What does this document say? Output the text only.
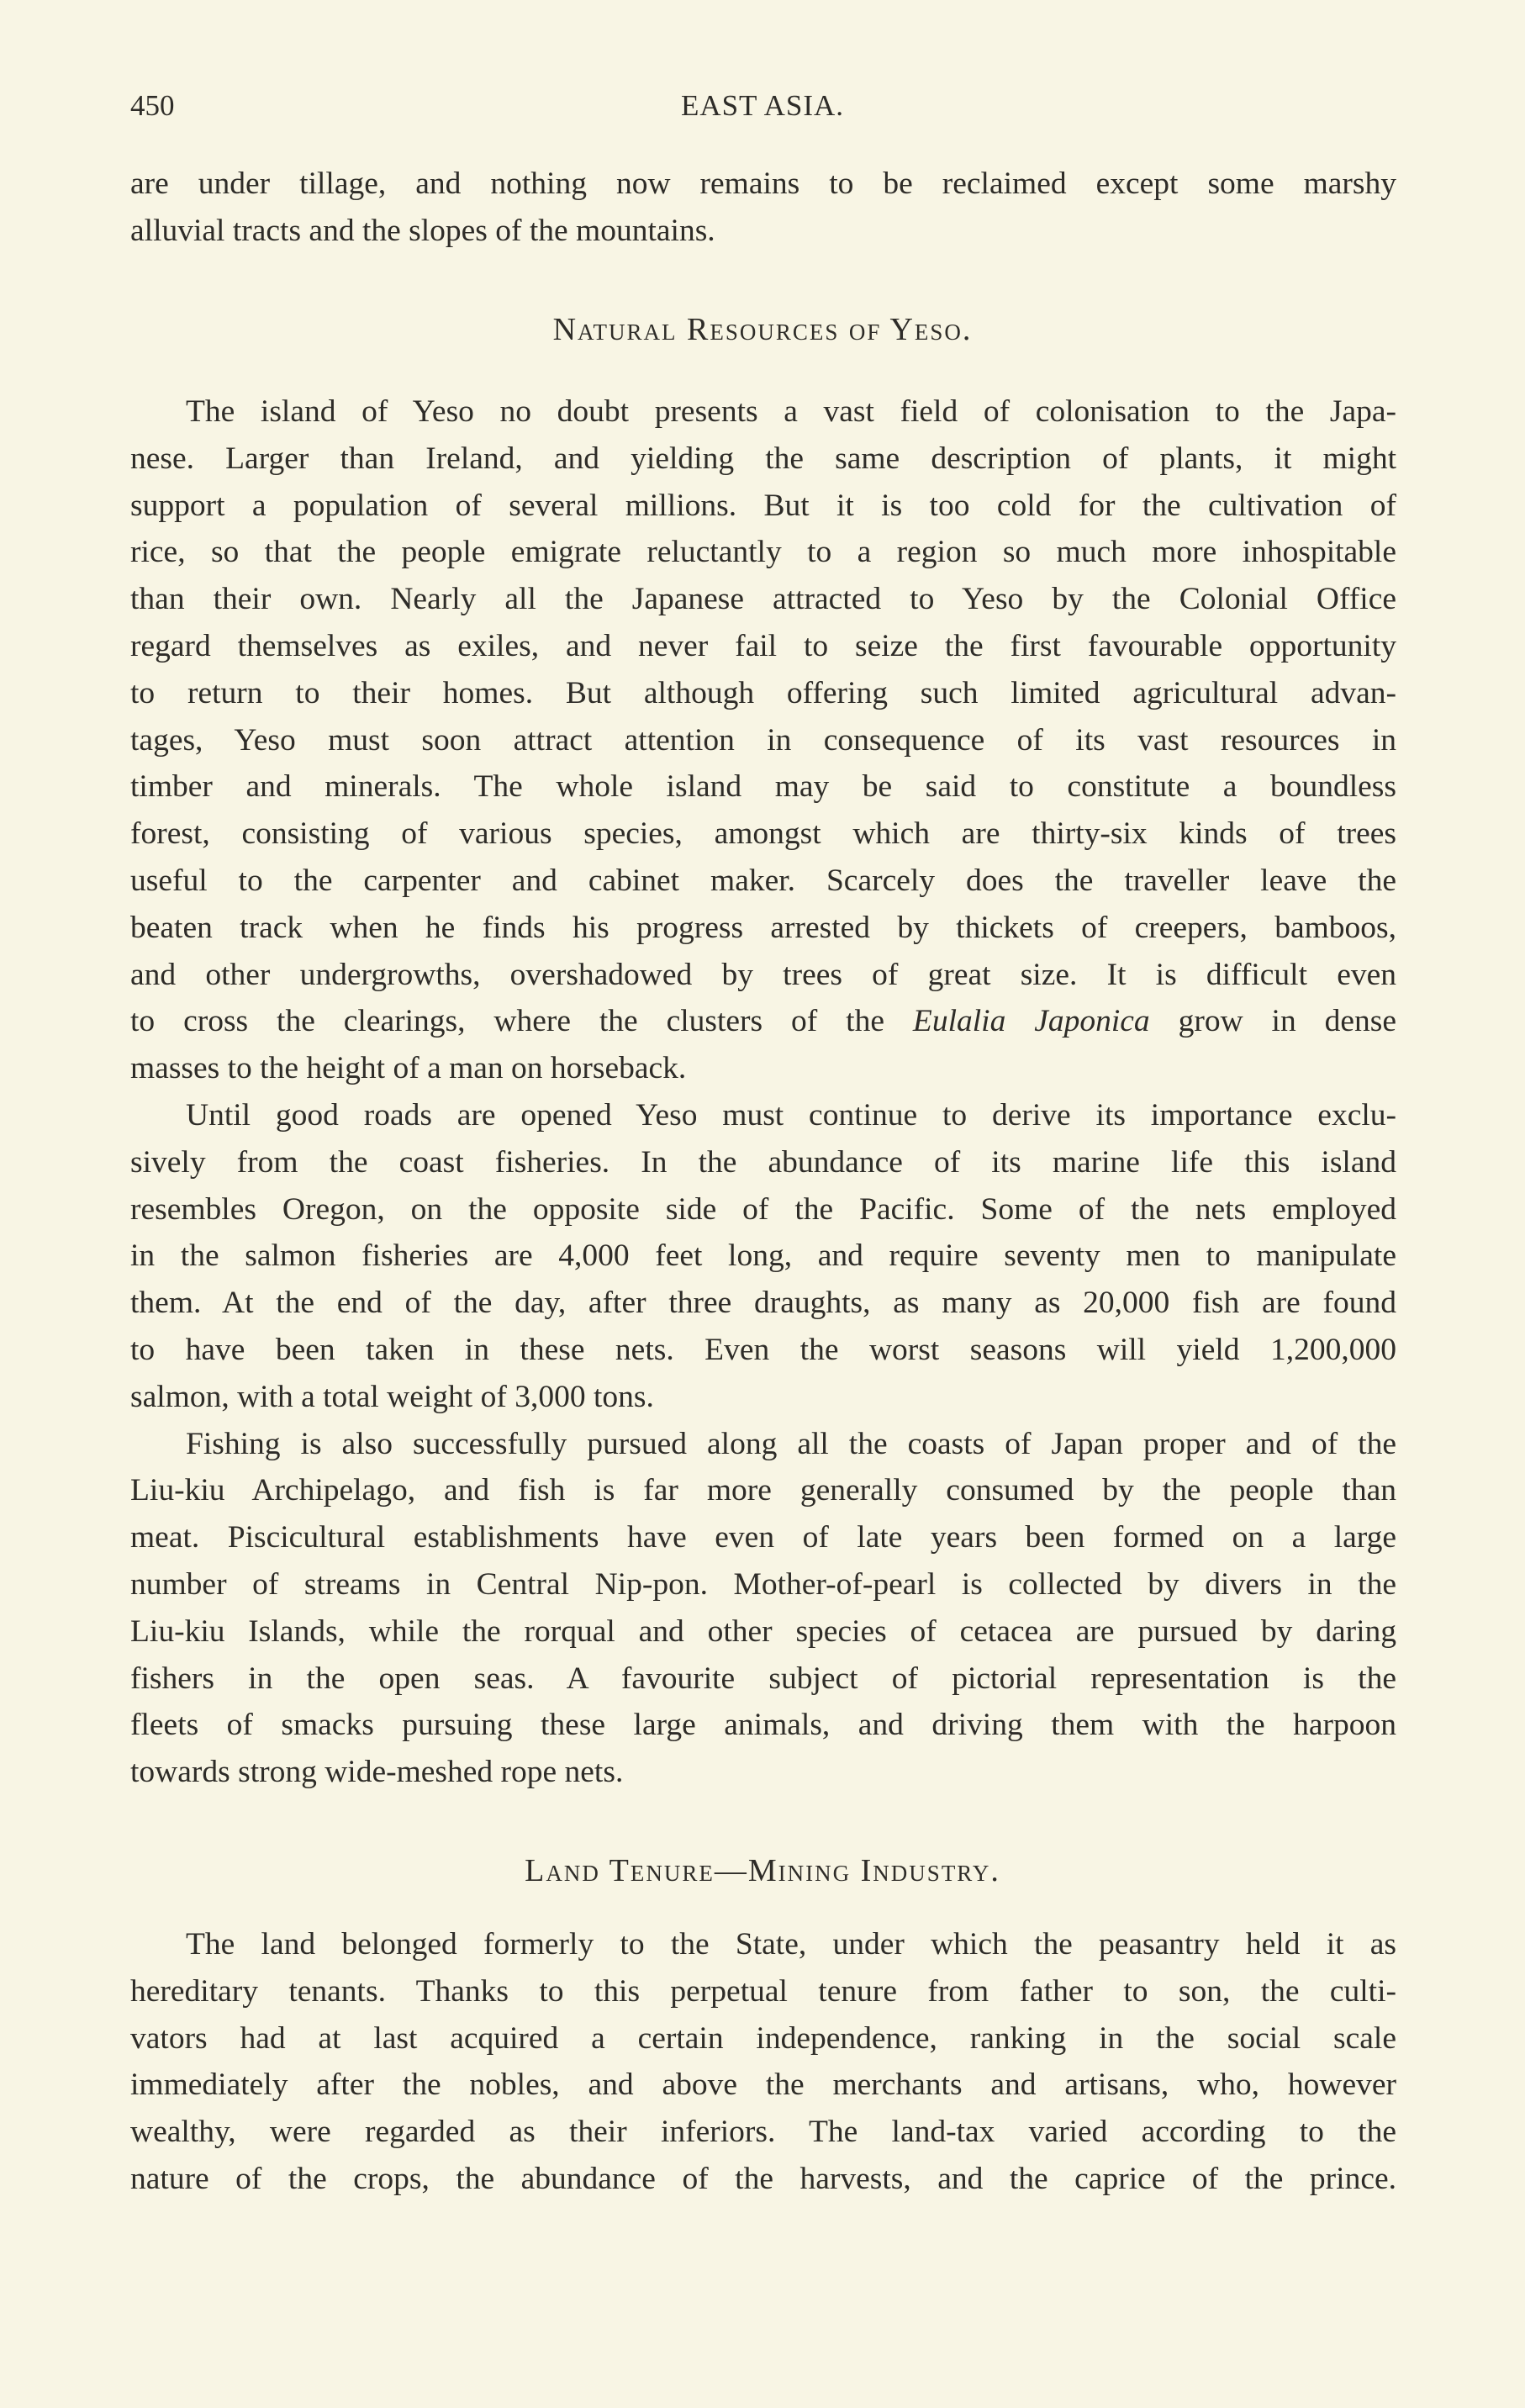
450	EAST ASIA.
are under tillage, and nothing now remains to be reclaimed except some marshy
alluvial tracts and the slopes of the mountains.
Natural Resources of Yeso.
The island of Yeso no doubt presents a vast field of colonisation to the Japa-
nese. Larger than Ireland, and yielding the same description of plants, it might
support a population of several millions. But it is too cold for the cultivation of
rice, so that the people emigrate reluctantly to a region so much more inhospitable
than their own. Nearly all the Japanese attracted to Yeso by the Colonial Office
regard themselves as exiles, and never fail to seize the first favourable opportunity
to return to their homes. But although offering such limited agricultural advan-
tages, Yeso must soon attract attention in consequence of its vast resources in
timber and minerals. The whole island may be said to constitute a boundless
forest, consisting of various species, amongst which are thirty-six kinds of trees
useful to the carpenter and cabinet maker. Scarcely does the traveller leave the
beaten track when he finds his progress arrested by thickets of creepers, bamboos,
and other undergrowths, overshadowed by trees of great size. It is difficult even
to cross the clearings, where the clusters of the Eulalia Japonica grow in dense
masses to the height of a man on horseback.
Until good roads are opened Yeso must continue to derive its importance exclu-
sively from the coast fisheries. In the abundance of its marine life this island
resembles Oregon, on the opposite side of the Pacific. Some of the nets employed
in the salmon fisheries are 4,000 feet long, and require seventy men to manipulate
them. At the end of the day, after three draughts, as many as 20,000 fish are found
to have been taken in these nets. Even the worst seasons will yield 1,200,000
salmon, with a total weight of 3,000 tons.
Fishing is also successfully pursued along all the coasts of Japan proper and of the
Liu-kiu Archipelago, and fish is far more generally consumed by the people than
meat. Piscicultural establishments have even of late years been formed on a large
number of streams in Central Nip-pon. Mother-of-pearl is collected by divers in the
Liu-kiu Islands, while the rorqual and other species of cetacea are pursued by daring
fishers in the open seas. A favourite subject of pictorial representation is the
fleets of smacks pursuing these large animals, and driving them with the harpoon
towards strong wide-meshed rope nets.
Land Tenure—Mining Industry.
The land belonged formerly to the State, under which the peasantry held it as
hereditary tenants. Thanks to this perpetual tenure from father to son, the culti-
vators had at last acquired a certain independence, ranking in the social scale
immediately after the nobles, and above the merchants and artisans, who, however
wealthy, were regarded as their inferiors. The land-tax varied according to the
nature of the crops, the abundance of the harvests, and the caprice of the prince.
